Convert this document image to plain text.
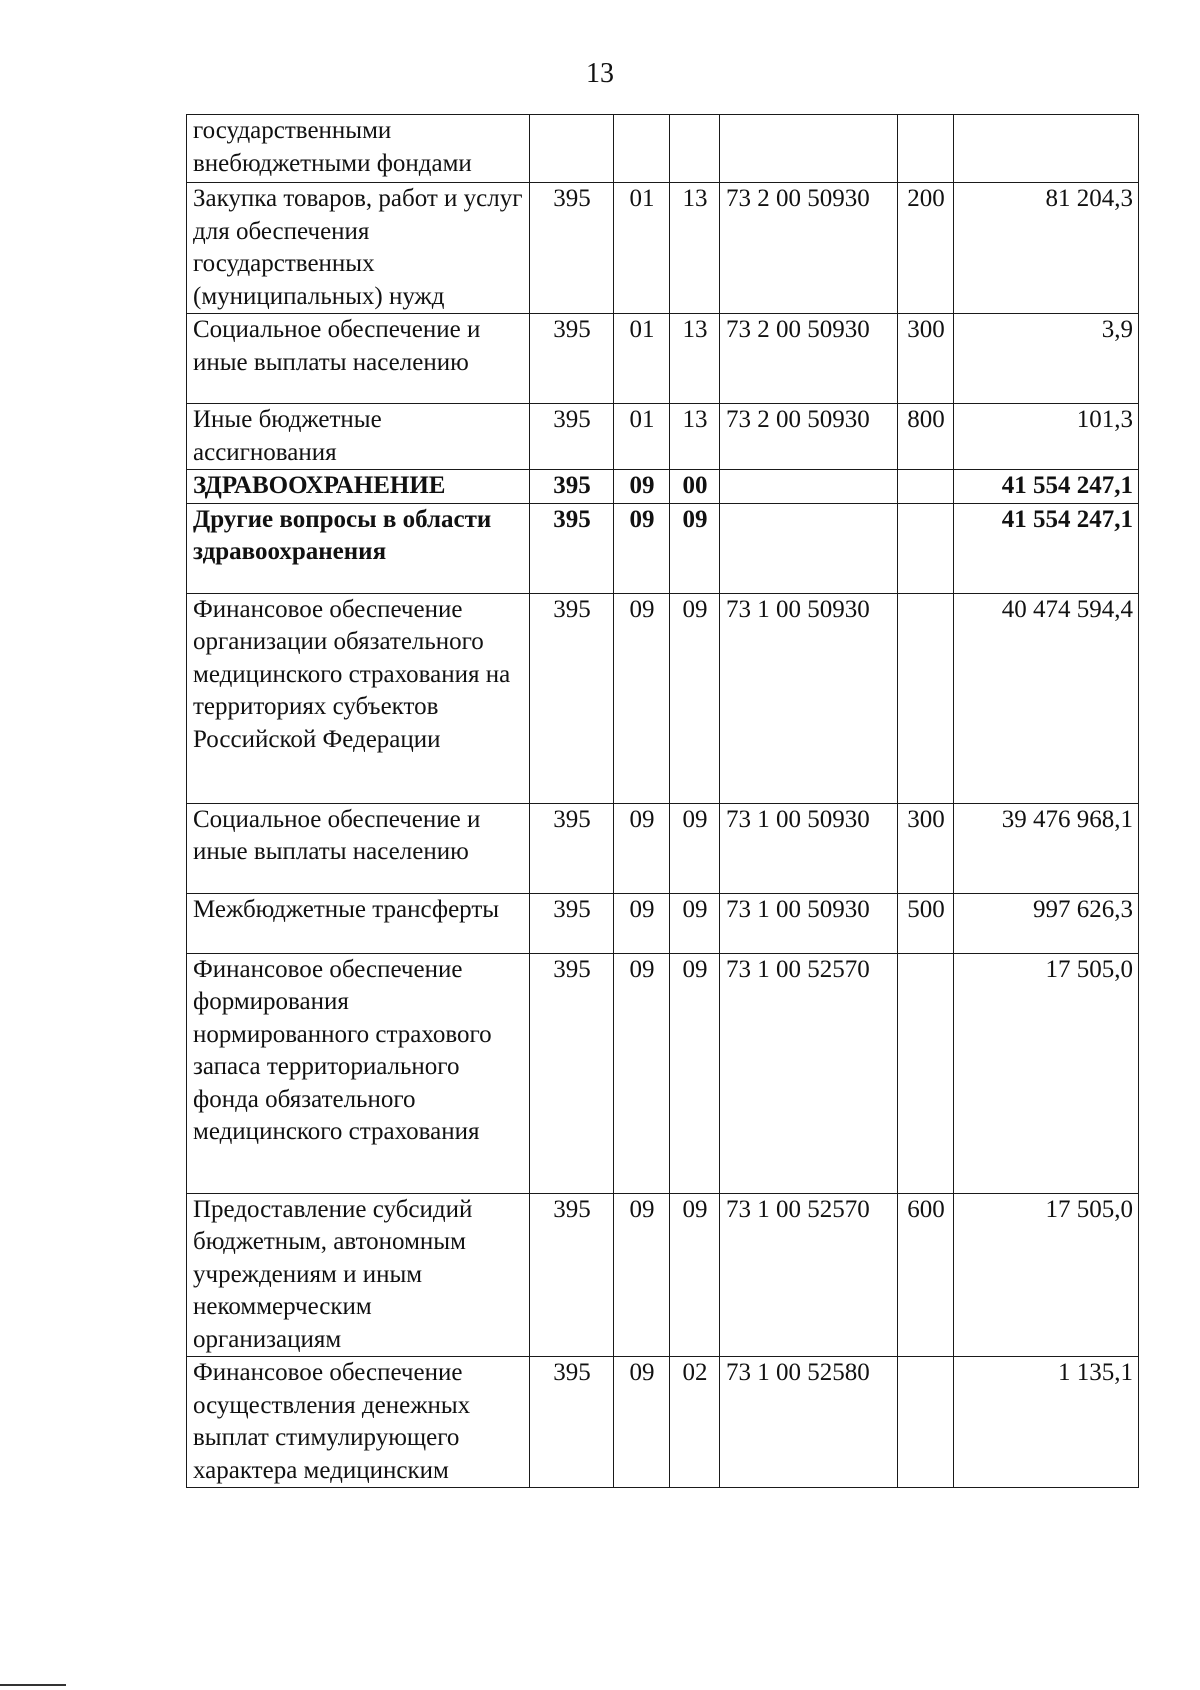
13
государственными внебюджетными фондами						
Закупка товаров, работ и услуг для обеспечения государственных (муниципальных) нужд	395	01	13	73 2 00 50930	200	81 204,3
Социальное обеспечение и иные выплаты населению	395	01	13	73 2 00 50930	300	3,9
Иные бюджетные ассигнования	395	01	13	73 2 00 50930	800	101,3
ЗДРАВООХРАНЕНИЕ	395	09	00			41 554 247,1
Другие вопросы в области здравоохранения	395	09	09			41 554 247,1
Финансовое обеспечение организации обязательного медицинского страхования на территориях субъектов Российской Федерации	395	09	09	73 1 00 50930		40 474 594,4
Социальное обеспечение и иные выплаты населению	395	09	09	73 1 00 50930	300	39 476 968,1
Межбюджетные трансферты	395	09	09	73 1 00 50930	500	997 626,3
Финансовое обеспечение формирования нормированного страхового запаса территориального фонда обязательного медицинского страхования	395	09	09	73 1 00 52570		17 505,0
Предоставление субсидий бюджетным, автономным учреждениям и иным некоммерческим организациям	395	09	09	73 1 00 52570	600	17 505,0
Финансовое обеспечение осуществления денежных выплат стимулирующего характера медицинским	395	09	02	73 1 00 52580		1 135,1
